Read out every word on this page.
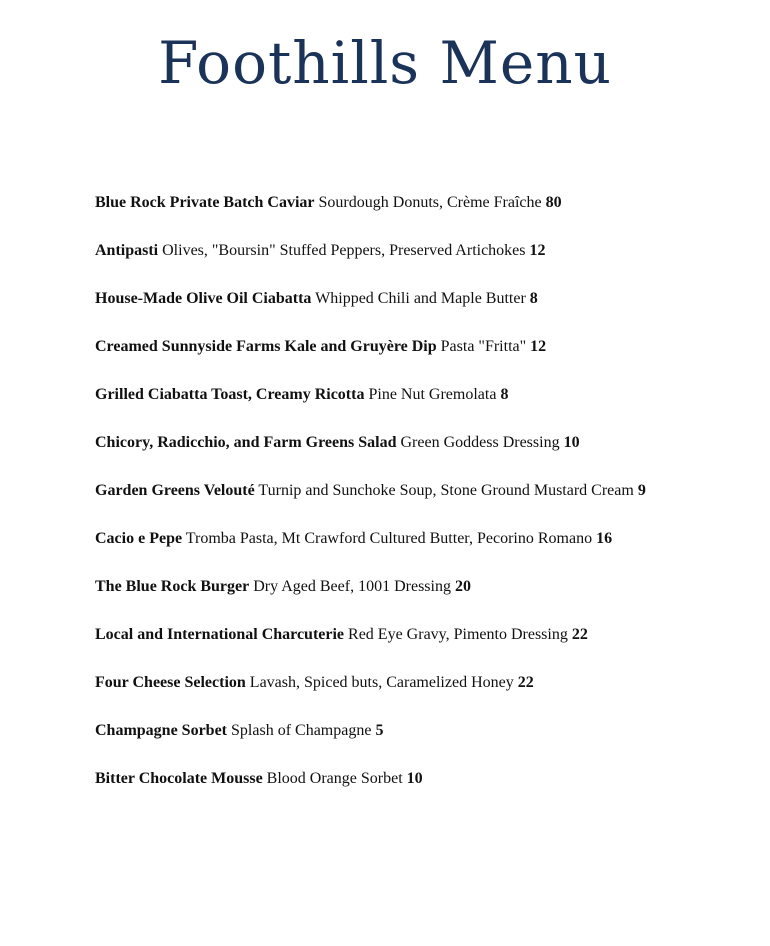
Foothills Menu
Blue Rock Private Batch Caviar Sourdough Donuts, Crème Fraîche 80
Antipasti Olives, "Boursin" Stuffed Peppers, Preserved Artichokes 12
House-Made Olive Oil Ciabatta Whipped Chili and Maple Butter 8
Creamed Sunnyside Farms Kale and Gruyère Dip Pasta "Fritta" 12
Grilled Ciabatta Toast, Creamy Ricotta Pine Nut Gremolata 8
Chicory, Radicchio, and Farm Greens Salad Green Goddess Dressing 10
Garden Greens Velouté Turnip and Sunchoke Soup, Stone Ground Mustard Cream 9
Cacio e Pepe Tromba Pasta, Mt Crawford Cultured Butter, Pecorino Romano 16
The Blue Rock Burger Dry Aged Beef, 1001 Dressing 20
Local and International Charcuterie Red Eye Gravy, Pimento Dressing 22
Four Cheese Selection Lavash, Spiced buts, Caramelized Honey 22
Champagne Sorbet Splash of Champagne 5
Bitter Chocolate Mousse Blood Orange Sorbet 10
